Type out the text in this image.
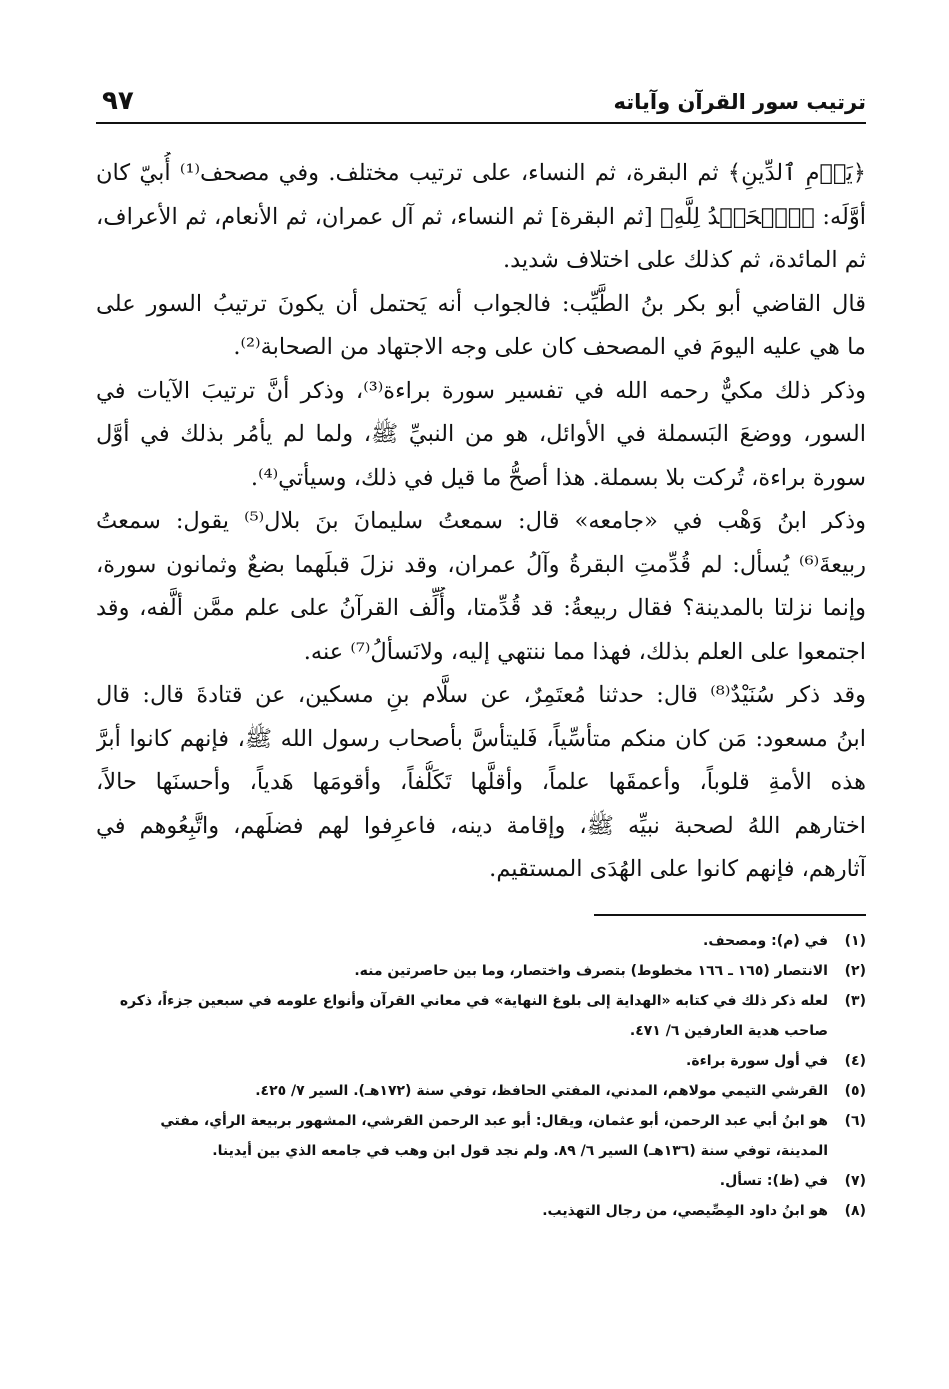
ترتيب سور القرآن وآياته
٩٧

﴿يَوۡمِ ٱلدِّينِ﴾ ثم البقرة، ثم النساء، على ترتيب مختلف. وفي مصحف⁽¹⁾ أُبيّ كان
أوَّلَه: ﴿ٱلۡحَمۡدُ لِلَّهِ﴾ [ثم البقرة] ثم النساء، ثم آل عمران، ثم الأنعام، ثم الأعراف،
ثم المائدة، ثم كذلك على اختلاف شديد.

قال القاضي أبو بكر بنُ الطَّيِّب: فالجواب أنه يَحتمل أن يكونَ ترتيبُ السور على
ما هي عليه اليومَ في المصحف كان على وجه الاجتهاد من الصحابة⁽²⁾.

وذكر ذلك مكيٌّ رحمه الله في تفسير سورة براءة⁽³⁾، وذكر أنَّ ترتيبَ الآيات في
السور، ووضعَ البَسملة في الأوائل، هو من النبيِّ ﷺ، ولما لم يأمُر بذلك في أوَّل
سورة براءة، تُركت بلا بسملة. هذا أصحُّ ما قيل في ذلك، وسيأتي⁽⁴⁾.

وذكر ابنُ وَهْب في «جامعه» قال: سمعتُ سليمانَ بنَ بلال⁽⁵⁾ يقول: سمعتُ
ربيعةَ⁽⁶⁾ يُسأل: لم قُدِّمتِ البقرةُ وآلُ عمران، وقد نزلَ قبلَهما بضعٌ وثمانون سورة،
وإنما نزلتا بالمدينة؟ فقال ربيعةُ: قد قُدِّمتا، وأُلِّف القرآنُ على علم ممَّن ألَّفه، وقد
اجتمعوا على العلم بذلك، فهذا مما ننتهي إليه، ولانَسألُ⁽⁷⁾ عنه.

وقد ذكر سُنَيْدٌ⁽⁸⁾ قال: حدثنا مُعتَمِرٌ، عن سلَّام بنِ مسكين، عن قتادةَ قال: قال
ابنُ مسعود: مَن كان منكم متأسِّياً، فَليتأسَّ بأصحاب رسول الله ﷺ، فإنهم كانوا أبرَّ
هذه الأمةِ قلوباً، وأعمقَها علماً، وأقلَّها تَكَلُّفاً، وأقومَها هَدياً، وأحسنَها حالاً،
اختارهم اللهُ لصحبة نبيِّه ﷺ، وإقامة دينه، فاعرِفوا لهم فضلَهم، واتَّبِعُوهم في
آثارهم، فإنهم كانوا على الهُدَى المستقيم.

(١)
في (م): ومصحف.
(٢)
الانتصار (١٦٥ ـ ١٦٦ مخطوط) بتصرف واختصار، وما بين حاصرتين منه.
(٣)
لعله ذكر ذلك في كتابه «الهداية إلى بلوغ النهاية» في معاني القرآن وأنواع علومه في سبعين جزءاً، ذكره
صاحب هدية العارفين ٦/ ٤٧١.
(٤)
في أول سورة براءة.
(٥)
القرشي التيمي مولاهم، المدني، المفتي الحافظ، توفي سنة (١٧٢هـ). السير ٧/ ٤٢٥.
(٦)
هو ابنُ أبي عبد الرحمن، أبو عثمان، ويقال: أبو عبد الرحمن القرشي، المشهور بربيعة الرأي، مفتي
المدينة، توفي سنة (١٣٦هـ) السير ٦/ ٨٩. ولم نجد قول ابن وهب في جامعه الذي بين أيدينا.
(٧)
في (ظ): تسأل.
(٨)
هو ابنُ داود المِصِّيصي، من رجال التهذيب.
